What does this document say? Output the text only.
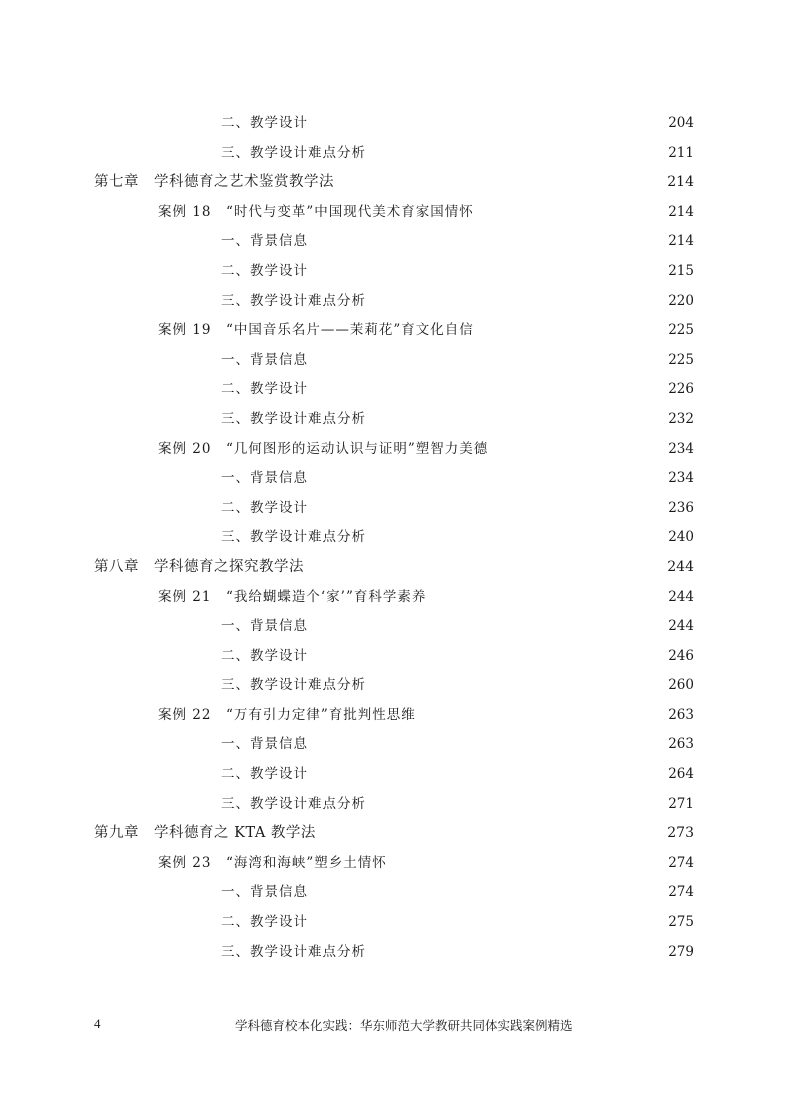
二、教学设计	204
三、教学设计难点分析	211
第七章　学科德育之艺术鉴赏教学法	214
案例 18　“时代与变革”中国现代美术育家国情怀	214
一、背景信息	214
二、教学设计	215
三、教学设计难点分析	220
案例 19　“中国音乐名片——茉莉花”育文化自信	225
一、背景信息	225
二、教学设计	226
三、教学设计难点分析	232
案例 20　“几何图形的运动认识与证明”塑智力美德	234
一、背景信息	234
二、教学设计	236
三、教学设计难点分析	240
第八章　学科德育之探究教学法	244
案例 21　“我给蝴蝶造个‘家’”育科学素养	244
一、背景信息	244
二、教学设计	246
三、教学设计难点分析	260
案例 22　“万有引力定律”育批判性思维	263
一、背景信息	263
二、教学设计	264
三、教学设计难点分析	271
第九章　学科德育之 KTA 教学法	273
案例 23　“海湾和海峡”塑乡土情怀	274
一、背景信息	274
二、教学设计	275
三、教学设计难点分析	279
4	学科德育校本化实践：华东师范大学教研共同体实践案例精选
